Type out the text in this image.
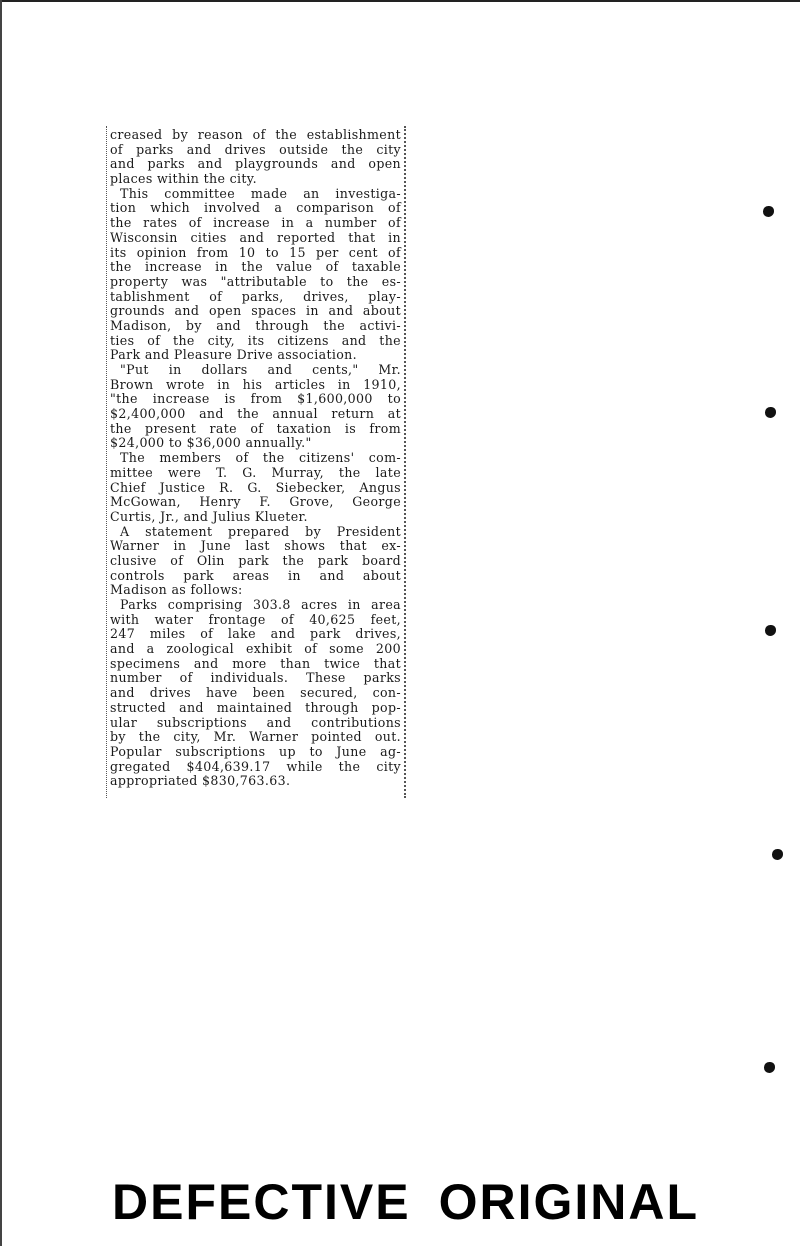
creased by reason of the establishment
of parks and drives outside the city
and parks and playgrounds and open
places within the city.
This committee made an investiga-
tion which involved a comparison of
the rates of increase in a number of
Wisconsin cities and reported that in
its opinion from 10 to 15 per cent of
the increase in the value of taxable
property was "attributable to the es-
tablishment of parks, drives, play-
grounds and open spaces in and about
Madison, by and through the activi-
ties of the city, its citizens and the
Park and Pleasure Drive association.
"Put in dollars and cents," Mr.
Brown wrote in his articles in 1910,
"the increase is from $1,600,000 to
$2,400,000 and the annual return at
the present rate of taxation is from
$24,000 to $36,000 annually."
The members of the citizens' com-
mittee were T. G. Murray, the late
Chief Justice R. G. Siebecker, Angus
McGowan, Henry F. Grove, George
Curtis, Jr., and Julius Klueter.
A statement prepared by President
Warner in June last shows that ex-
clusive of Olin park the park board
controls park areas in and about
Madison as follows:
Parks comprising 303.8 acres in area
with water frontage of 40,625 feet,
247 miles of lake and park drives,
and a zoological exhibit of some 200
specimens and more than twice that
number of individuals. These parks
and drives have been secured, con-
structed and maintained through pop-
ular subscriptions and contributions
by the city, Mr. Warner pointed out.
Popular subscriptions up to June ag-
gregated $404,639.17 while the city
appropriated $830,763.63.
DEFECTIVE ORIGINAL
